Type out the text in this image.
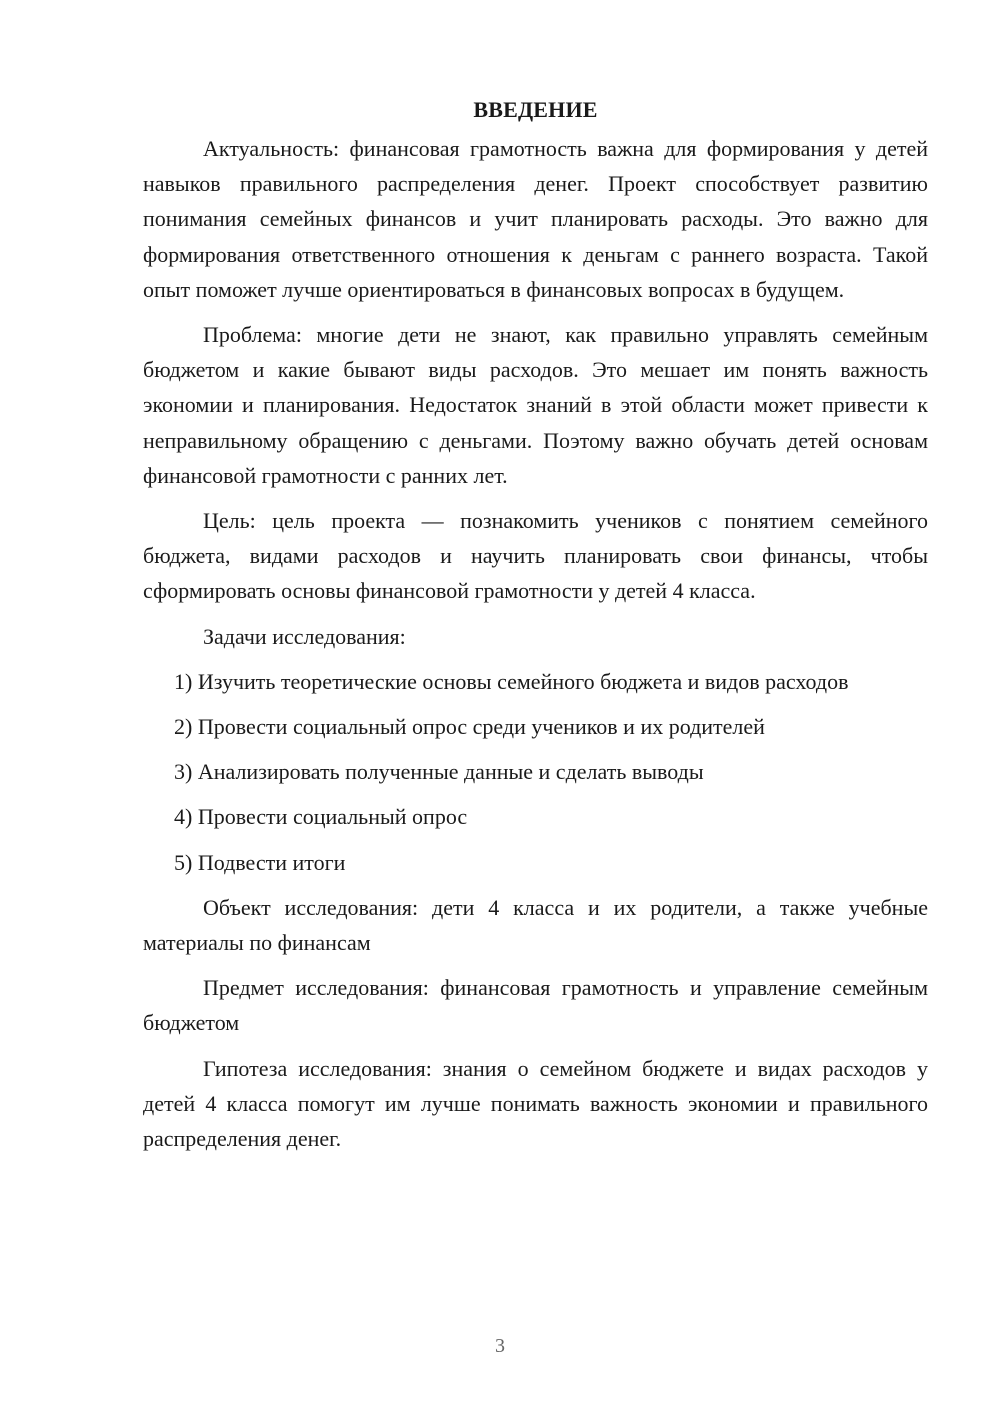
ВВЕДЕНИЕ

Актуальность: финансовая грамотность важна для формирования у детей навыков правильного распределения денег. Проект способствует развитию понимания семейных финансов и учит планировать расходы. Это важно для формирования ответственного отношения к деньгам с раннего возраста. Такой опыт поможет лучше ориентироваться в финансовых вопросах в будущем.

Проблема: многие дети не знают, как правильно управлять семейным бюджетом и какие бывают виды расходов. Это мешает им понять важность экономии и планирования. Недостаток знаний в этой области может привести к неправильному обращению с деньгами. Поэтому важно обучать детей основам финансовой грамотности с ранних лет.

Цель: цель проекта — познакомить учеников с понятием семейного бюджета, видами расходов и научить планировать свои финансы, чтобы сформировать основы финансовой грамотности у детей 4 класса.

Задачи исследования:

1) Изучить теоретические основы семейного бюджета и видов расходов

2) Провести социальный опрос среди учеников и их родителей

3) Анализировать полученные данные и сделать выводы

4) Провести социальный опрос

5) Подвести итоги

Объект исследования: дети 4 класса и их родители, а также учебные материалы по финансам

Предмет исследования: финансовая грамотность и управление семейным бюджетом

Гипотеза исследования: знания о семейном бюджете и видах расходов у детей 4 класса помогут им лучше понимать важность экономии и правильного распределения денег.

3
